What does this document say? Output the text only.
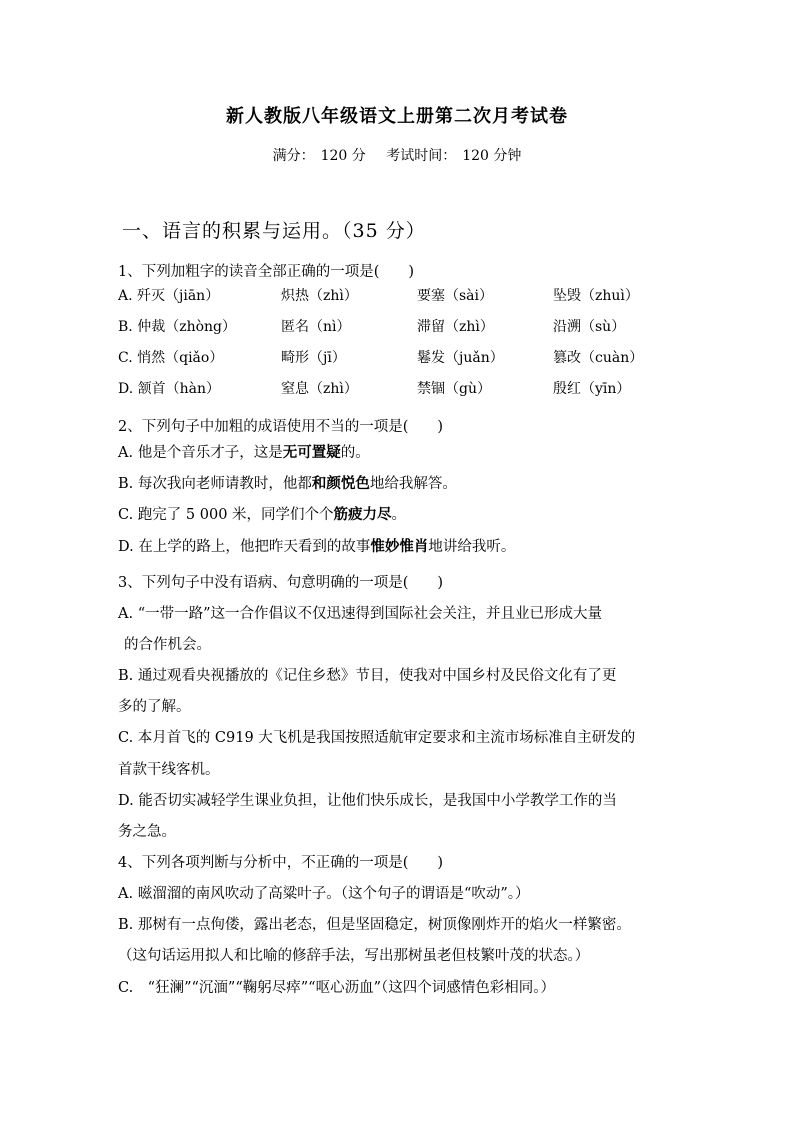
新人教版八年级语文上册第二次月考试卷
满分： 120 分 考试时间： 120 分钟
一、语言的积累与运用。（35 分）
1、下列加粗字的读音全部正确的一项是(　　)
A. 歼灭（jiān）	炽热（zhì）	要塞（sài）	坠毁（zhuì）
B. 仲裁（zhòng）	匿名（nì）	滞留（zhì）	沿溯（sù）
C. 悄然（qiǎo）	畸形（jī）	鬈发（juǎn）	篡改（cuàn）
D. 颔首（hàn）	窒息（zhì）	禁锢（gù）	殷红（yīn）
2、下列句子中加粗的成语使用不当的一项是(　　)
A. 他是个音乐才子，这是无可置疑的。
B. 每次我向老师请教时，他都和颜悦色地给我解答。
C. 跑完了 5 000 米，同学们个个筋疲力尽。
D. 在上学的路上，他把昨天看到的故事惟妙惟肖地讲给我听。
3、下列句子中没有语病、句意明确的一项是(　　)
A. “一带一路”这一合作倡议不仅迅速得到国际社会关注，并且业已形成大量
的合作机会。
B. 通过观看央视播放的《记住乡愁》节目，使我对中国乡村及民俗文化有了更
多的了解。
C. 本月首飞的 C919 大飞机是我国按照适航审定要求和主流市场标准自主研发的
首款干线客机。
D. 能否切实减轻学生课业负担，让他们快乐成长，是我国中小学教学工作的当
务之急。
4、下列各项判断与分析中，不正确的一项是(　　)
A. 嗞溜溜的南风吹动了高粱叶子。（这个句子的谓语是“吹动”。）
B. 那树有一点佝偻，露出老态，但是坚固稳定，树顶像刚炸开的焰火一样繁密。
（这句话运用拟人和比喻的修辞手法，写出那树虽老但枝繁叶茂的状态。）
C.　“狂澜”“沉湎”“鞠躬尽瘁”“呕心沥血”（这四个词感情色彩相同。）
